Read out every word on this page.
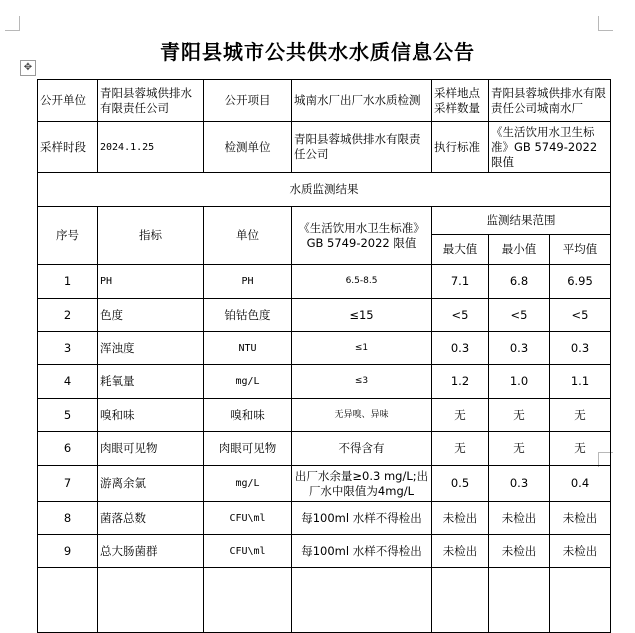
✥
青阳县城市公共供水水质信息公告
公开单位	青阳县蓉城供排水有限责任公司	公开项目	城南水厂出厂水水质检测	采样地点采样数量	青阳县蓉城供排水有限责任公司城南水厂	
采样时段	2024.1.25	检测单位	青阳县蓉城供排水有限责任公司	执行标准	《生活饮用水卫生标准》GB 5749-2022限值	
水质监测结果						
序号	指标	单位	《生活饮用水卫生标准》 GB 5749-2022 限值	监测结果范围		
				最大值	最小值	平均值
1	PH	PH	6.5-8.5	7.1	6.8	6.95
2	色度	铂钴色度	≤15	<5	<5	<5
3	浑浊度	NTU	≤1	0.3	0.3	0.3
4	耗氧量	mg/L	≤3	1.2	1.0	1.1
5	嗅和味	嗅和味	无异嗅、异味	无	无	无
6	肉眼可见物	肉眼可见物	不得含有	无	无	无
7	游离余氯	mg/L	出厂水余量≥0.3 mg/L;出厂水中限值为4mg/L	0.5	0.3	0.4
8	菌落总数	CFU\ml	每100ml 水样不得检出	未检出	未检出	未检出
9	总大肠菌群	CFU\ml	每100ml 水样不得检出	未检出	未检出	未检出
